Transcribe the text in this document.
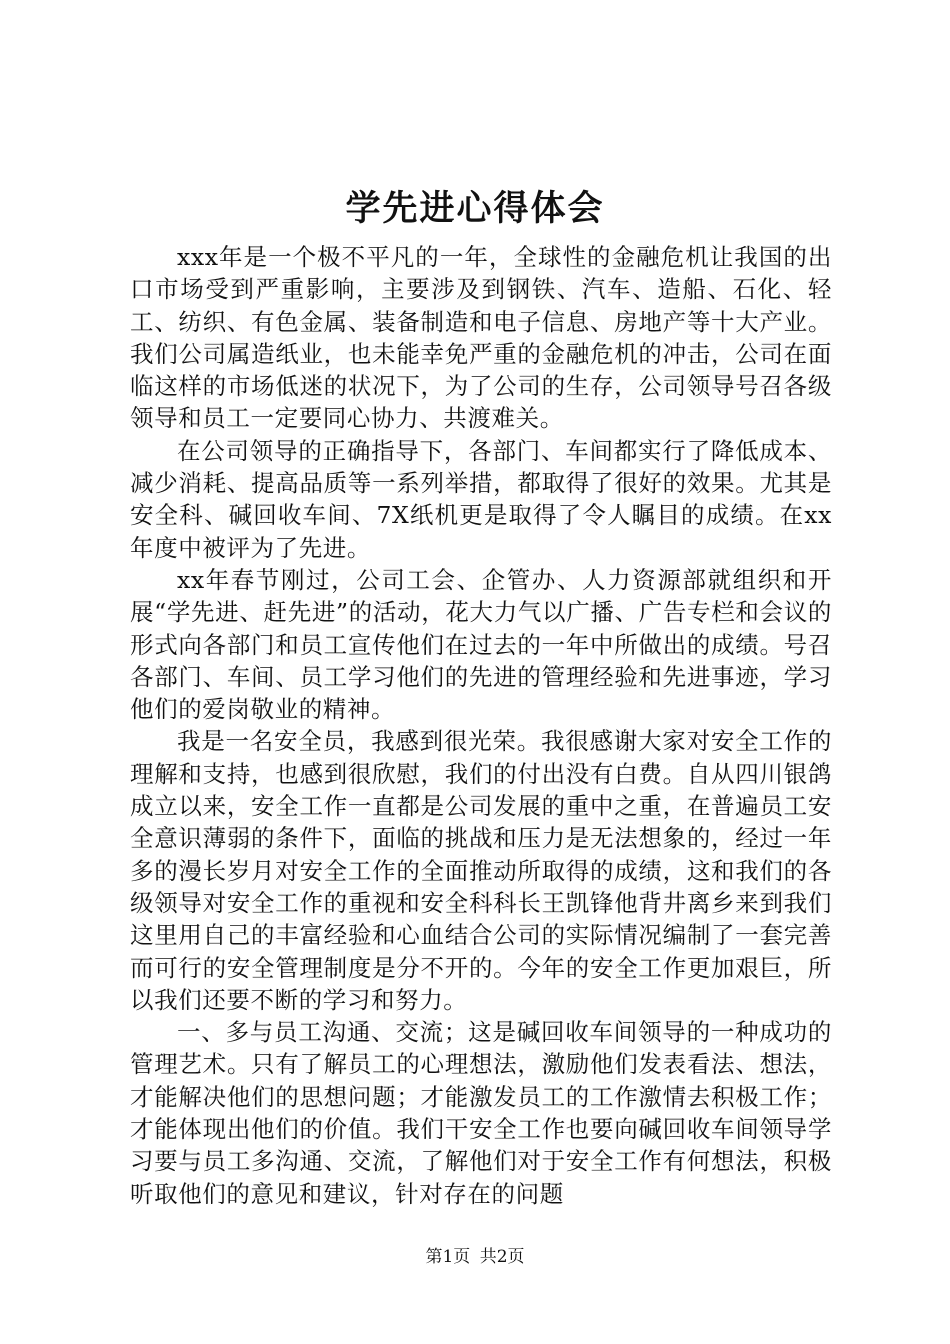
学先进心得体会

xxx年是一个极不平凡的一年，全球性的金融危机让我国的出口市场受到严重影响，主要涉及到钢铁、汽车、造船、石化、轻工、纺织、有色金属、装备制造和电子信息、房地产等十大产业。我们公司属造纸业，也未能幸免严重的金融危机的冲击，公司在面临这样的市场低迷的状况下，为了公司的生存，公司领导号召各级领导和员工一定要同心协力、共渡难关。

在公司领导的正确指导下，各部门、车间都实行了降低成本、减少消耗、提高品质等一系列举措，都取得了很好的效果。尤其是安全科、碱回收车间、7X纸机更是取得了令人瞩目的成绩。在xx年度中被评为了先进。

xx年春节刚过，公司工会、企管办、人力资源部就组织和开展“学先进、赶先进”的活动，花大力气以广播、广告专栏和会议的形式向各部门和员工宣传他们在过去的一年中所做出的成绩。号召各部门、车间、员工学习他们的先进的管理经验和先进事迹，学习他们的爱岗敬业的精神。

我是一名安全员，我感到很光荣。我很感谢大家对安全工作的理解和支持，也感到很欣慰，我们的付出没有白费。自从四川银鸽成立以来，安全工作一直都是公司发展的重中之重，在普遍员工安全意识薄弱的条件下，面临的挑战和压力是无法想象的，经过一年多的漫长岁月对安全工作的全面推动所取得的成绩，这和我们的各级领导对安全工作的重视和安全科科长王凯锋他背井离乡来到我们这里用自己的丰富经验和心血结合公司的实际情况编制了一套完善而可行的安全管理制度是分不开的。今年的安全工作更加艰巨，所以我们还要不断的学习和努力。

一、多与员工沟通、交流；这是碱回收车间领导的一种成功的管理艺术。只有了解员工的心理想法，激励他们发表看法、想法，才能解决他们的思想问题；才能激发员工的工作激情去积极工作；才能体现出他们的价值。我们干安全工作也要向碱回收车间领导学习要与员工多沟通、交流，了解他们对于安全工作有何想法，积极听取他们的意见和建议，针对存在的问题

第1页 共2页
